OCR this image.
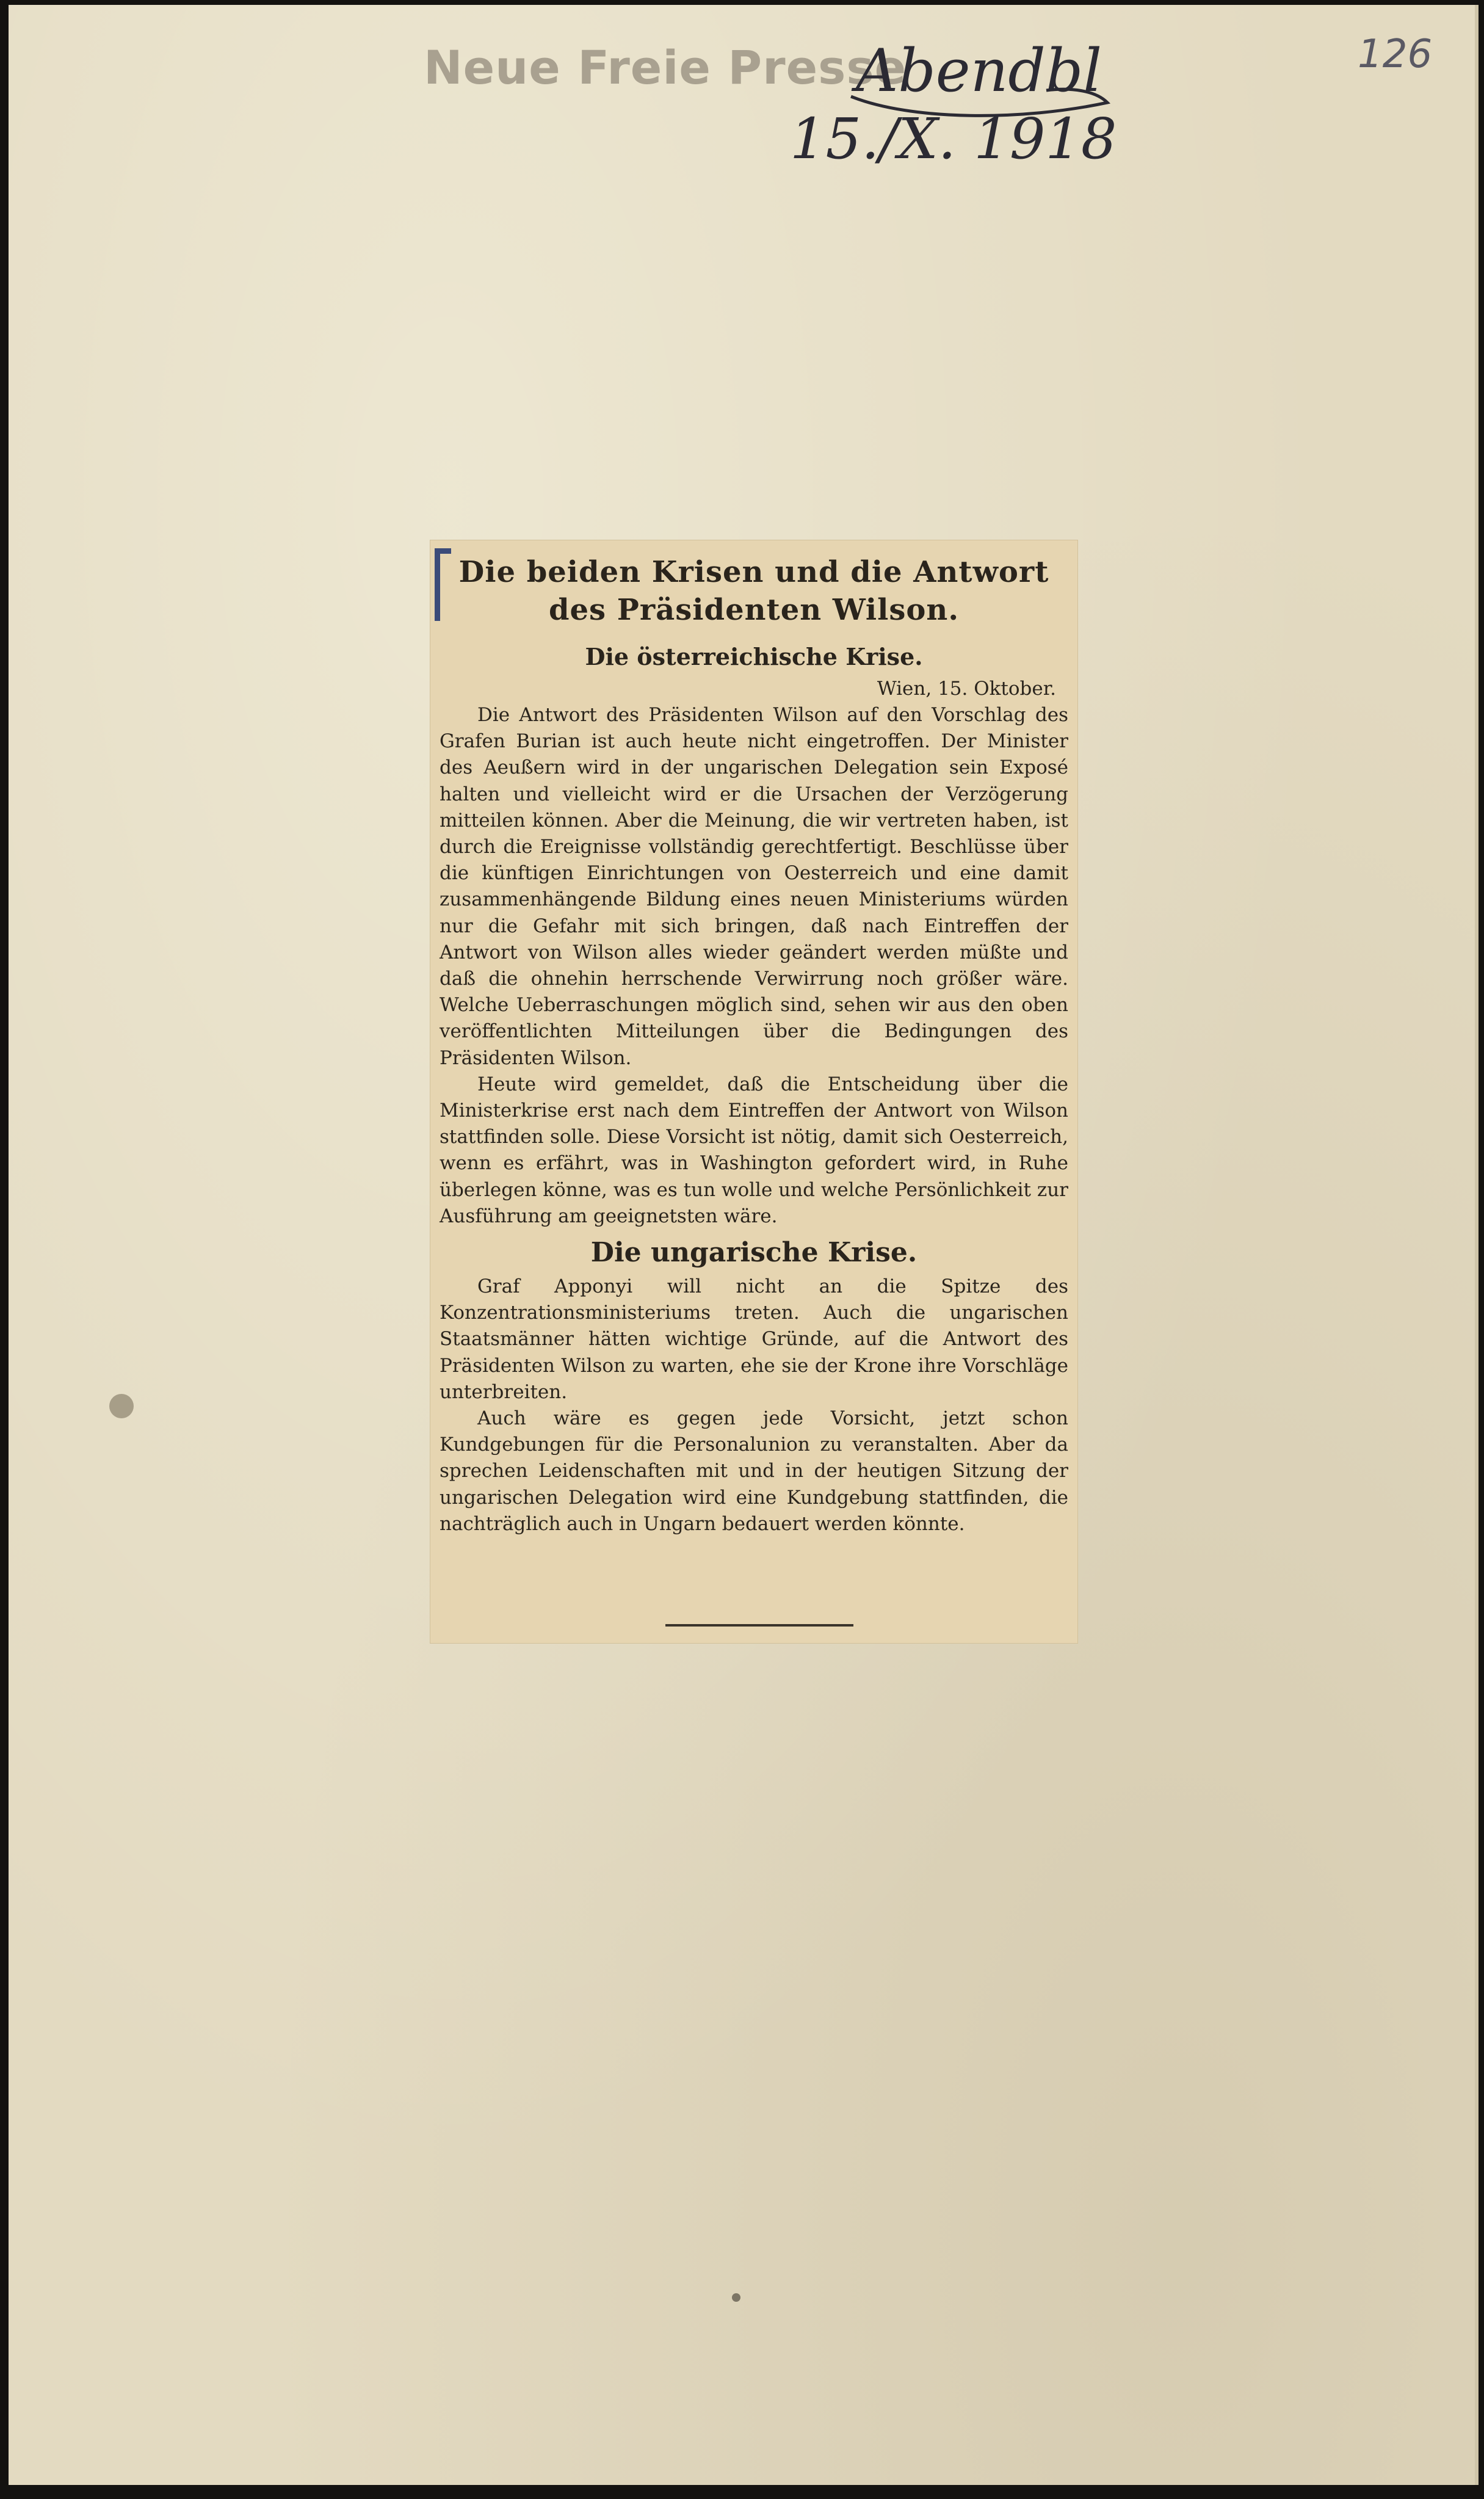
Neue Freie Presse
Abendbl
15./X. 1918
126
Die beiden Krisen und die Antwort des Präsidenten Wilson.
Die österreichische Krise.
Wien, 15. Oktober.

Die Antwort des Präsidenten Wilson auf den Vorschlag des Grafen Burian ist auch heute nicht eingetroffen. Der Minister des Aeußern wird in der ungarischen Delegation sein Exposé halten und vielleicht wird er die Ursachen der Verzögerung mitteilen können. Aber die Meinung, die wir vertreten haben, ist durch die Ereignisse vollständig gerechtfertigt. Beschlüsse über die künftigen Einrichtungen von Oesterreich und eine damit zusammenhängende Bildung eines neuen Ministeriums würden nur die Gefahr mit sich bringen, daß nach Eintreffen der Antwort von Wilson alles wieder geändert werden müßte und daß die ohnehin herrschende Verwirrung noch größer wäre. Welche Ueberraschungen möglich sind, sehen wir aus den oben veröffentlichten Mitteilungen über die Bedingungen des Präsidenten Wilson.

Heute wird gemeldet, daß die Entscheidung über die Ministerkrise erst nach dem Eintreffen der Antwort von Wilson stattfinden solle. Diese Vorsicht ist nötig, damit sich Oesterreich, wenn es erfährt, was in Washington gefordert wird, in Ruhe überlegen könne, was es tun wolle und welche Persönlichkeit zur Ausführung am geeignetsten wäre.

Die ungarische Krise.

Graf Apponyi will nicht an die Spitze des Konzentrationsministeriums treten. Auch die ungarischen Staatsmänner hätten wichtige Gründe, auf die Antwort des Präsidenten Wilson zu warten, ehe sie der Krone ihre Vorschläge unterbreiten.

Auch wäre es gegen jede Vorsicht, jetzt schon Kundgebungen für die Personalunion zu veranstalten. Aber da sprechen Leidenschaften mit und in der heutigen Sitzung der ungarischen Delegation wird eine Kundgebung stattfinden, die nachträglich auch in Ungarn bedauert werden könnte.
